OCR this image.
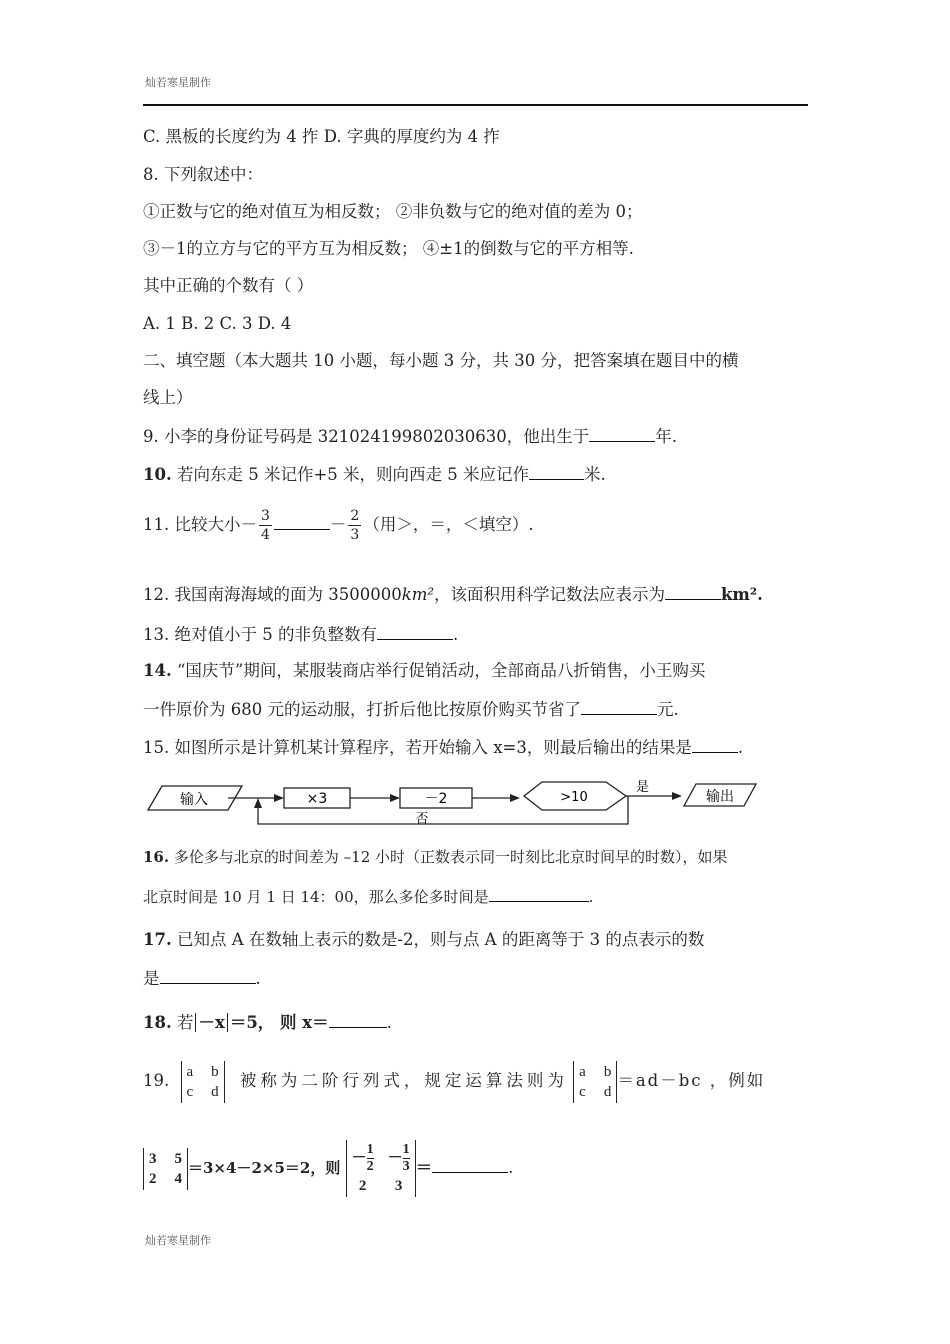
灿若寒星制作
C. 黑板的长度约为 4 拃 D. 字典的厚度约为 4 拃
8. 下列叙述中：
①正数与它的绝对值互为相反数； ②非负数与它的绝对值的差为 0；
③－1的立方与它的平方互为相反数； ④±1的倒数与它的平方相等.
其中正确的个数有（ ）
A. 1 B. 2 C. 3 D. 4
二、填空题（本大题共 10 小题，每小题 3 分，共 30 分，把答案填在题目中的横
线上）
9. 小李的身份证号码是 321024199802030630，他出生于	年.
10. 若向东走 5 米记作+5 米，则向西走 5 米应记作	米.
11. 比较大小－ $\frac{3}{4}$	－ $\frac{2}{3}$ （用＞，＝，＜填空）.
12. 我国南海海域的面为 3500000km²，该面积用科学记数法应表示为	km².
13. 绝对值小于 5 的非负整数有	.
14. “国庆节”期间，某服装商店举行促销活动，全部商品八折销售，小王购买
一件原价为 680 元的运动服，打折后他比按原价购买节省了	元.
15. 如图所示是计算机某计算程序，若开始输入 x=3，则最后输出的结果是	.
输入	×3	－2	>10
是
输出
否
16. 多伦多与北京的时间差为 –12 小时（正数表示同一时刻比北京时间早的时数），如果
北京时间是 10 月 1 日 14：00，那么多伦多时间是	.
17. 已知点 A 在数轴上表示的数是-2，则与点 A 的距离等于 3 的点表示的数
是	.
18. 若 －x ＝5， 则 x＝	.
19. a b
c d
被称为二阶行列式，规定运算法则为 a b
c d
＝ad－bc ，例如
3 5
2 4
＝3×4－2×5＝2，则
－ $\frac{1}{2} - \frac{1}{3}$
2	3
＝	.
灿若寒星制作
